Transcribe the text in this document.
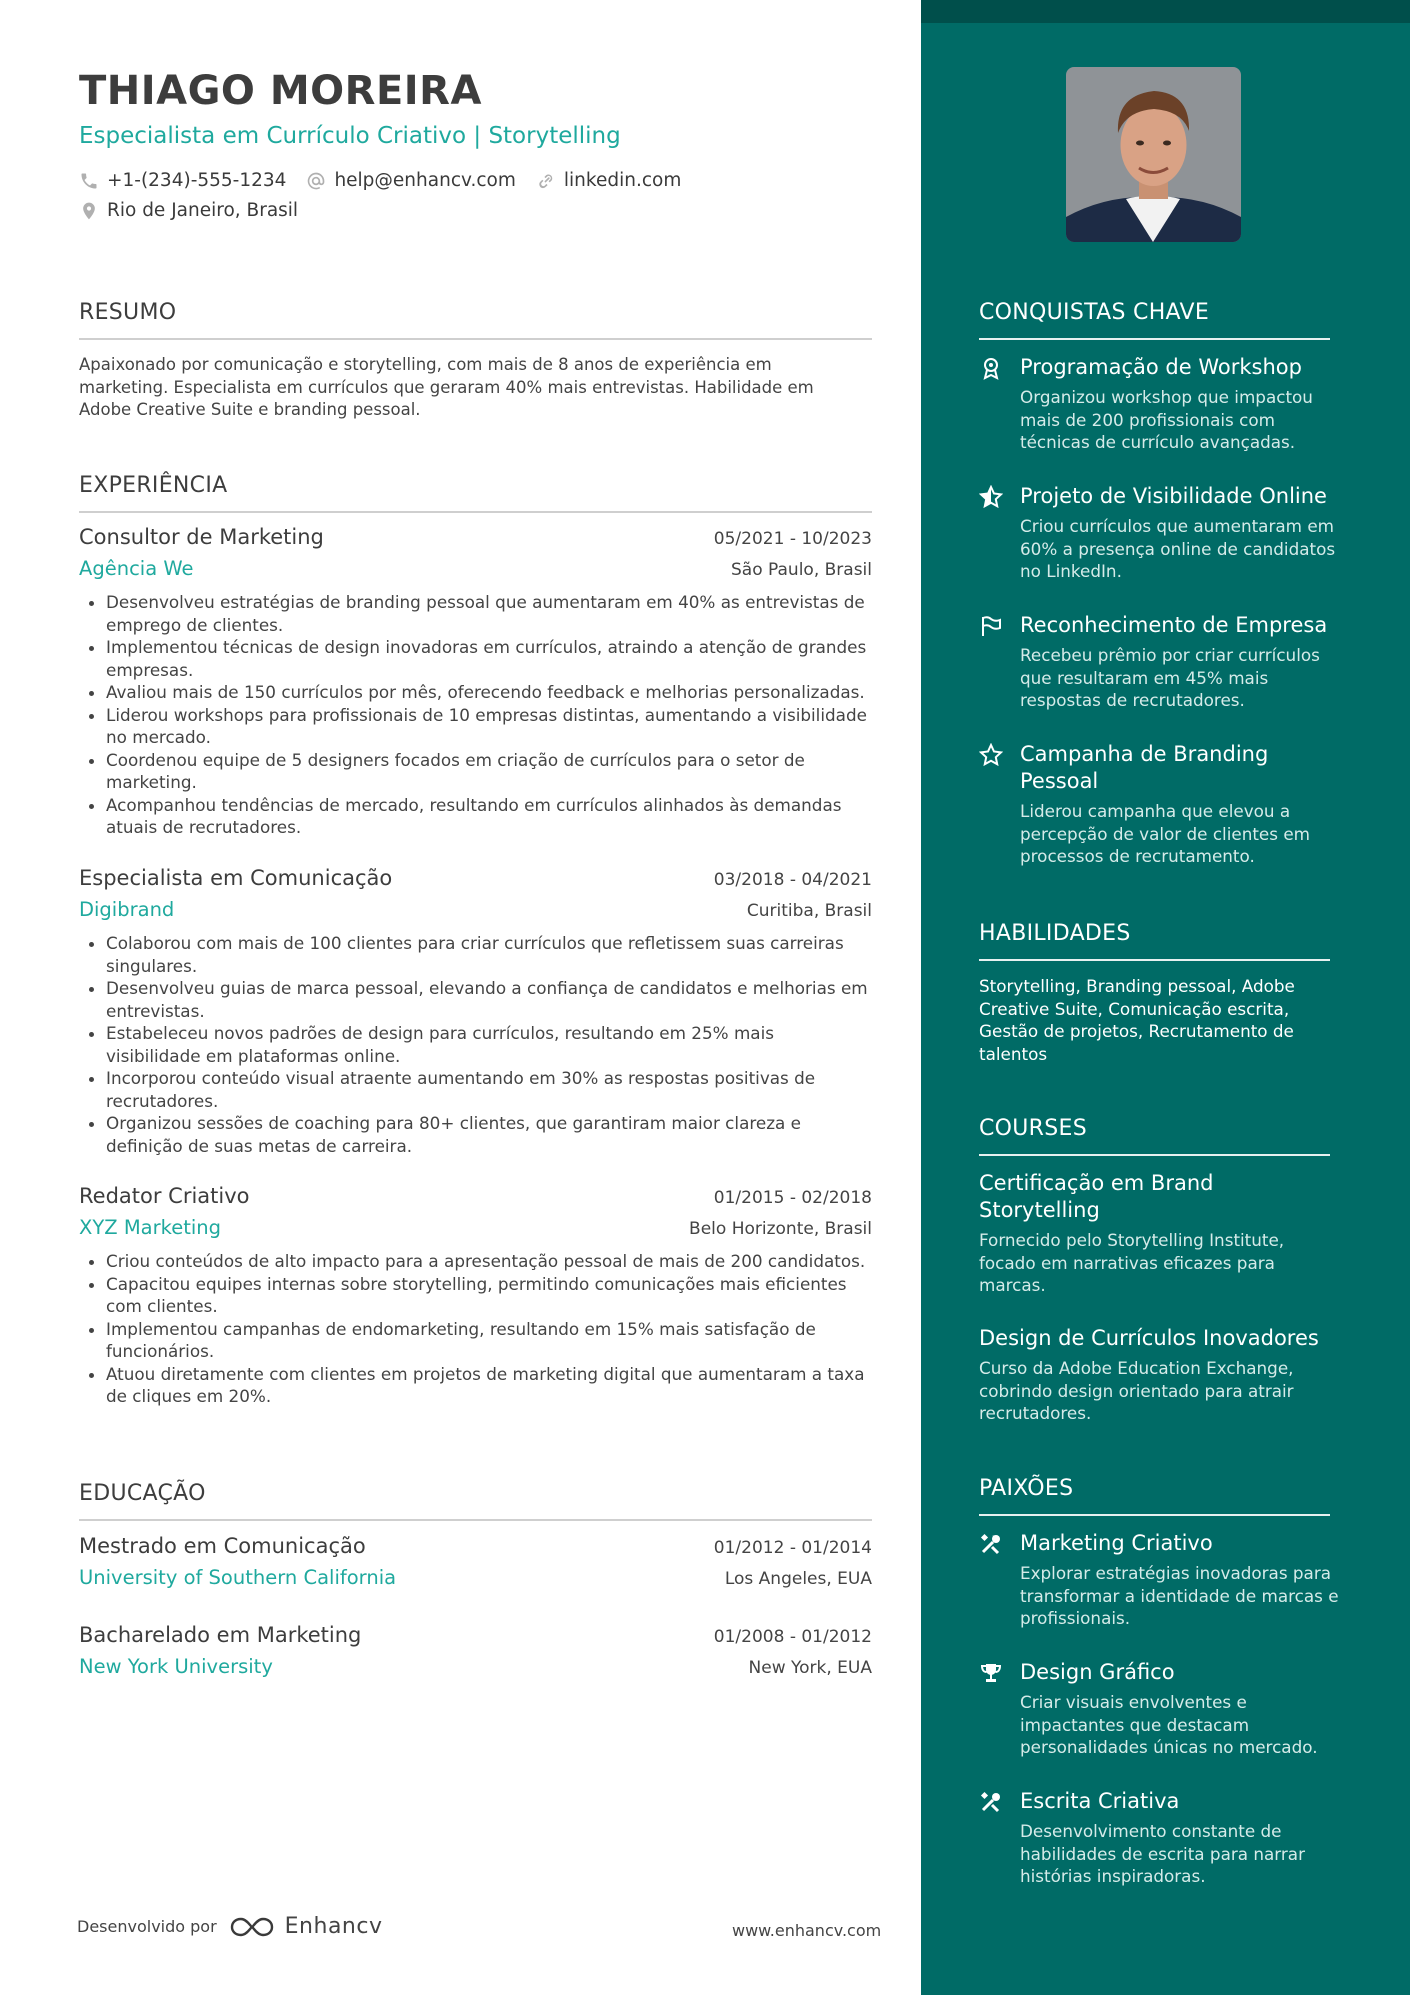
THIAGO MOREIRA
Especialista em Currículo Criativo | Storytelling
+1-(234)-555-1234	help@enhancv.com	linkedin.com
Rio de Janeiro, Brasil
RESUMO
Apaixonado por comunicação e storytelling, com mais de 8 anos de experiência em marketing. Especialista em currículos que geraram 40% mais entrevistas. Habilidade em Adobe Creative Suite e branding pessoal.
EXPERIÊNCIA
Consultor de Marketing	05/2021 - 10/2023
Agência We	São Paulo, Brasil
• Desenvolveu estratégias de branding pessoal que aumentaram em 40% as entrevistas de emprego de clientes.
• Implementou técnicas de design inovadoras em currículos, atraindo a atenção de grandes empresas.
• Avaliou mais de 150 currículos por mês, oferecendo feedback e melhorias personalizadas.
• Liderou workshops para profissionais de 10 empresas distintas, aumentando a visibilidade no mercado.
• Coordenou equipe de 5 designers focados em criação de currículos para o setor de marketing.
• Acompanhou tendências de mercado, resultando em currículos alinhados às demandas atuais de recrutadores.
Especialista em Comunicação	03/2018 - 04/2021
Digibrand	Curitiba, Brasil
• Colaborou com mais de 100 clientes para criar currículos que refletissem suas carreiras singulares.
• Desenvolveu guias de marca pessoal, elevando a confiança de candidatos e melhorias em entrevistas.
• Estabeleceu novos padrões de design para currículos, resultando em 25% mais visibilidade em plataformas online.
• Incorporou conteúdo visual atraente aumentando em 30% as respostas positivas de recrutadores.
• Organizou sessões de coaching para 80+ clientes, que garantiram maior clareza e definição de suas metas de carreira.
Redator Criativo	01/2015 - 02/2018
XYZ Marketing	Belo Horizonte, Brasil
• Criou conteúdos de alto impacto para a apresentação pessoal de mais de 200 candidatos.
• Capacitou equipes internas sobre storytelling, permitindo comunicações mais eficientes com clientes.
• Implementou campanhas de endomarketing, resultando em 15% mais satisfação de funcionários.
• Atuou diretamente com clientes em projetos de marketing digital que aumentaram a taxa de cliques em 20%.
EDUCAÇÃO
Mestrado em Comunicação	01/2012 - 01/2014
University of Southern California	Los Angeles, EUA
Bacharelado em Marketing	01/2008 - 01/2012
New York University	New York, EUA
Desenvolvido por	Enhancv	www.enhancv.com
CONQUISTAS CHAVE
Programação de Workshop
Organizou workshop que impactou mais de 200 profissionais com técnicas de currículo avançadas.
Projeto de Visibilidade Online
Criou currículos que aumentaram em 60% a presença online de candidatos no LinkedIn.
Reconhecimento de Empresa
Recebeu prêmio por criar currículos que resultaram em 45% mais respostas de recrutadores.
Campanha de Branding Pessoal
Liderou campanha que elevou a percepção de valor de clientes em processos de recrutamento.
HABILIDADES
Storytelling, Branding pessoal, Adobe Creative Suite, Comunicação escrita, Gestão de projetos, Recrutamento de talentos
COURSES
Certificação em Brand Storytelling
Fornecido pelo Storytelling Institute, focado em narrativas eficazes para marcas.
Design de Currículos Inovadores
Curso da Adobe Education Exchange, cobrindo design orientado para atrair recrutadores.
PAIXÕES
Marketing Criativo
Explorar estratégias inovadoras para transformar a identidade de marcas e profissionais.
Design Gráfico
Criar visuais envolventes e impactantes que destacam personalidades únicas no mercado.
Escrita Criativa
Desenvolvimento constante de habilidades de escrita para narrar histórias inspiradoras.
